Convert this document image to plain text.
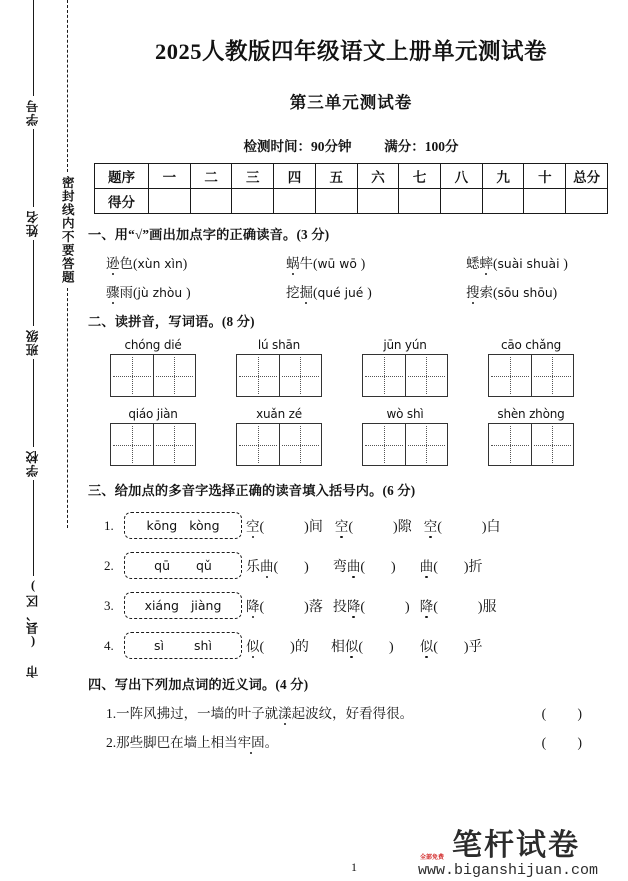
学号
姓名
班级
学校
市 (县、区)
密封线内不要答题
2025人教版四年级语文上册单元测试卷
第三单元测试卷
检测时间：90分钟 满分：100分
题序	一	二	三	四	五	六	七	八	九	十	总分
得分											
一、用“√”画出加点字的正确读音。(3 分)
逊色(xùn xìn)	蜗牛(wū wō )	蟋蟀(suài shuài )
骤雨(jù zhòu )	挖掘(qué jué )	搜索(sōu shōu)
二、读拼音，写词语。(8 分)
chóng dié	lú shān	jūn yún	cāo chǎng
qiáo jiàn	xuǎn zé	wò shì	shèn zhòng
三、给加点的多音字选择正确的读音填入括号内。(6 分)
1.	kōng kòng	空(	)间 空(	)隙 空(	)白
2.	qū qǔ	乐曲( ) 弯曲( ) 曲( )折
3.	xiáng jiàng	降(	)落 投降(	) 降(	)服
4.	sì shì	似( )的 相似( ) 似( )乎
四、写出下列加点词的近义词。(4 分)
1.一阵风拂过，一墙的叶子就漾起波纹，好看得很。	( )
2.那些脚巴在墙上相当牢固。	( )
全部免费 笔杆试卷
www.biganshijuan.com
1
